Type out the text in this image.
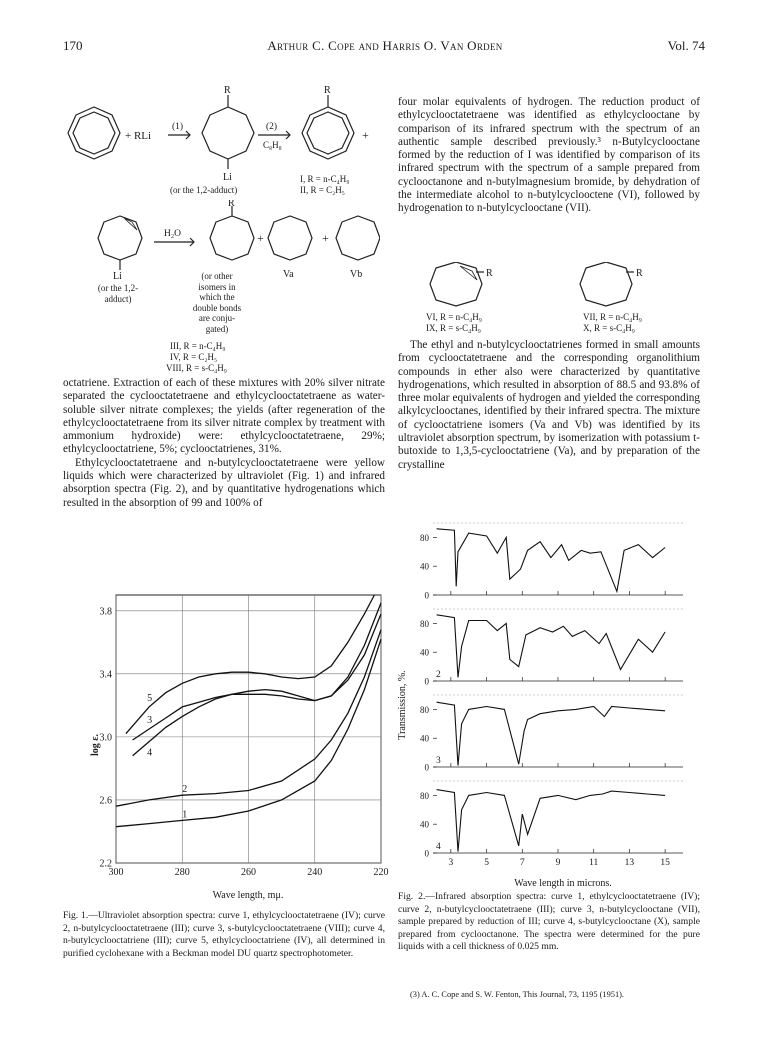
170	Arthur C. Cope and Harris O. Van Orden	Vol. 74
R	R
+ RLi
(1)	(2)
C₈H₈
+
Li
(or the 1,2-adduct)
I, R = n-C₄H₉
II, R = C₂H₅
R
H₂O	+	+
Li
(or the 1,2-
adduct)
(or other
isomers in
which the
double bonds
are conju-
gated)
Va	Vb
III, R = n-C₄H₉
IV, R = C₂H₅
VIII, R = s-C₄H₉

octatriene. Extraction of each of these mixtures with 20% silver nitrate separated the cyclooctatetraene and ethylcyclooctatetraene as water-soluble silver nitrate complexes; the yields (after regeneration of the ethylcyclooctatetraene from its silver nitrate complex by treatment with ammonium hydroxide) were: ethylcyclooctatetraene, 29%; ethylcyclooctatriene, 5%; cyclooctatrienes, 31%.

Ethylcyclooctatetraene and n-butylcyclooctatetraene were yellow liquids which were characterized by ultraviolet (Fig. 1) and infrared absorption spectra (Fig. 2), and by quantitative hydrogenations which resulted in the absorption of 99 and 100% of

four molar equivalents of hydrogen. The reduction product of ethylcyclooctatetraene was identified as ethylcyclooctane by comparison of its infrared spectrum with the spectrum of an authentic sample described previously.³ n-Butylcyclooctane formed by the reduction of I was identified by comparison of its infrared spectrum with the spectrum of a sample prepared from cyclooctanone and n-butylmagnesium bromide, by dehydration of the intermediate alcohol to n-butylcyclooctene (VI), followed by hydrogenation to n-butylcyclooctane (VII).

R	R
VI, R = n-C₄H₉
IX, R = s-C₄H₉
VII, R = n-C₄H₉
X, R = s-C₄H₉

The ethyl and n-butylcyclooctatrienes formed in small amounts from cyclooctatetraene and the corresponding organolithium compounds in ether also were characterized by quantitative hydrogenations, which resulted in absorption of 88.5 and 93.8% of three molar equivalents of hydrogen and yielded the corresponding alkylcyclooctanes, identified by their infrared spectra. The mixture of cyclooctatriene isomers (Va and Vb) was identified by its ultraviolet absorption spectrum, by isomerization with potassium t-butoxide to 1,3,5-cyclooctatriene (Va), and by preparation of the crystalline

1
2
3
4
5
300	280	260	240	220
3.8
3.4
3.0
2.6
2.2
log ε.
Wave length, mμ.
Fig. 1.—Ultraviolet absorption spectra: curve 1, ethylcyclooctatetraene (IV); curve 2, n-butylcyclooctatetraene (III); curve 3, s-butylcyclooctatetraene (VIII); curve 4, n-butylcyclooctatriene (III); curve 5, ethylcyclooctatriene (IV), all determined in purified cyclohexane with a Beckman model DU quartz spectrophotometer.
80
40
0
80
40
0
2
80
40
0
3
80
40
0
4
3	5	7	9	11	13	15
Transmission, %.
Wave length in microns.
Fig. 2.—Infrared absorption spectra: curve 1, ethylcyclooctatetraene (IV); curve 2, n-butylcyclooctatetraene (III); curve 3, n-butylcyclooctane (VII), sample prepared by reduction of III; curve 4, s-butylcyclooctane (X), sample prepared from cyclooctanone. The spectra were determined for the pure liquids with a cell thickness of 0.025 mm.
(3) A. C. Cope and S. W. Fenton, This Journal, 73, 1195 (1951).
